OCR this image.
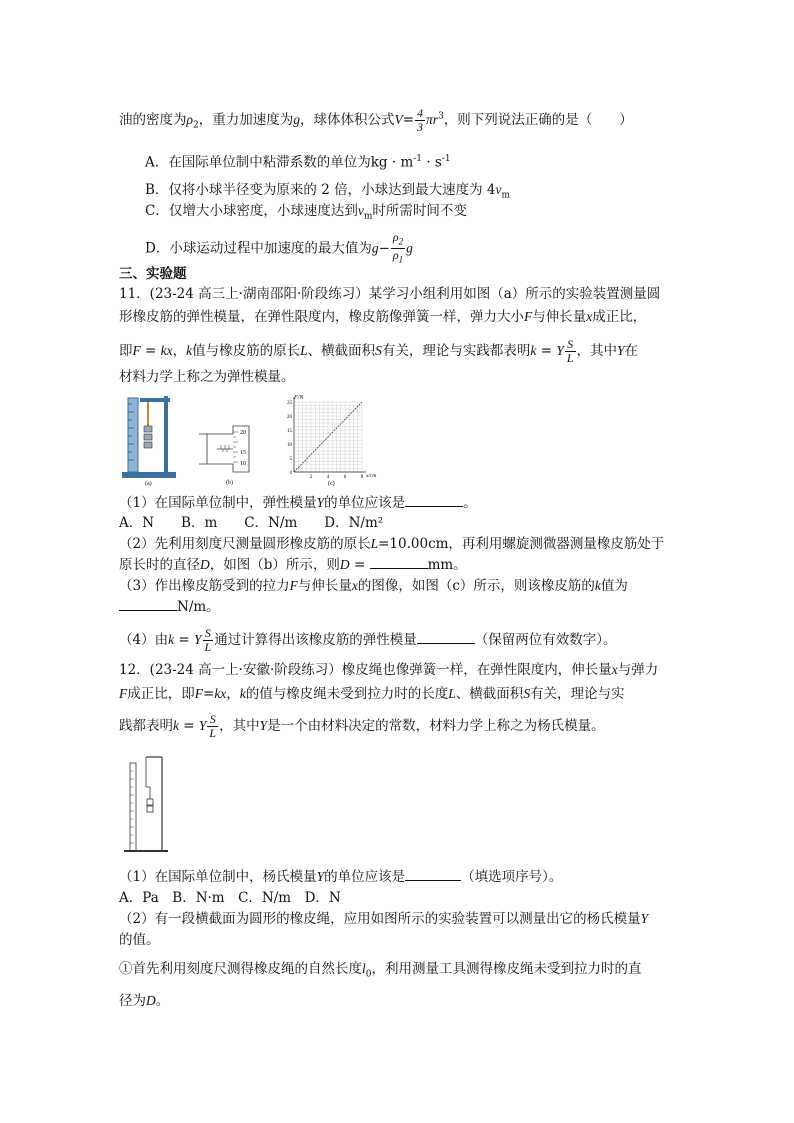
油的密度为$\rho_2$，重力加速度为g，球体体积公式$V= \frac{4}{3} \pi r^3$，则下列说法正确的是（　　）
A．在国际单位制中粘滞系数的单位为kg · $m^{-1} \cdot s^{-1}$
B．仅将小球半径变为原来的 2 倍，小球达到最大速度为 $4v_m$
C．仅增大小球密度，小球速度达到$v_m$时所需时间不变
D．小球运动过程中加速度的最大值为$g- \frac{\rho_2}{\rho_1}$ g
三、实验题
11．(23-24 高三上·湖南邵阳·阶段练习）某学习小组利用如图（a）所示的实验装置测量圆
形橡皮筋的弹性模量，在弹性限度内，橡皮筋像弹簧一样，弹力大小F与伸长量x成正比，
即F = kx，k值与橡皮筋的原长L、横截面积S有关，理论与实践都表明k = Y $\frac{S}{L}$ ，其中Y在
材料力学上称之为弹性模量。
(a)
20
15
10
(b)
0
5
10
15
20
25
2	4	6	8
F/N
x/cm
(c)
（1）在国际单位制中，弹性模量Y的单位应该是	。
A．N　　B．m　　C．N/m　　D．N/m²
（2）先利用刻度尺测量圆形橡皮筋的原长L=10.00cm，再利用螺旋测微器测量橡皮筋处于
原长时的直径D，如图（b）所示，则D =	mm。
（3）作出橡皮筋受到的拉力F与伸长量x的图像，如图（c）所示，则该橡皮筋的k值为
N/m。
（4）由k = Y $\frac{S}{L}$ 通过计算得出该橡皮筋的弹性模量	（保留两位有效数字）。
12．(23-24 高一上·安徽·阶段练习）橡皮绳也像弹簧一样，在弹性限度内，伸长量x与弹力
F成正比，即F=kx，k的值与橡皮绳未受到拉力时的长度L、横截面积S有关，理论与实
践都表明k = Y $\frac{S}{L}$ ，其中Y是一个由材料决定的常数，材料力学上称之为杨氏模量。
（1）在国际单位制中，杨氏模量Y的单位应该是	（填选项序号）。
A．Pa　B．N·m　C．N/m　D．N
（2）有一段横截面为圆形的橡皮绳，应用如图所示的实验装置可以测量出它的杨氏模量Y
的值。
①首先利用刻度尺测得橡皮绳的自然长度$l_0$，利用测量工具测得橡皮绳未受到拉力时的直
径为D。
